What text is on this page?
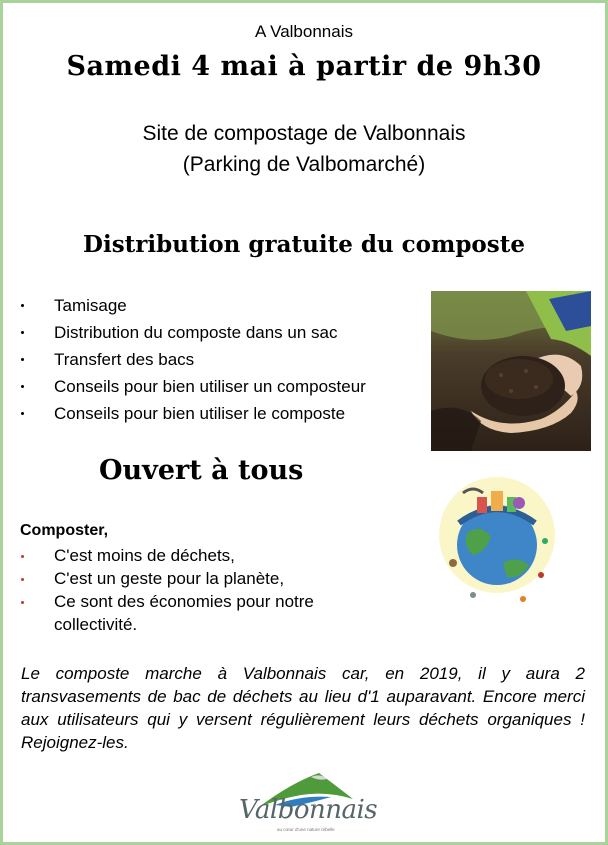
A Valbonnais
Samedi 4 mai à partir de 9h30
Site de compostage de Valbonnais
(Parking de Valbomarché)
Distribution gratuite du composte
Tamisage
Distribution du composte dans un sac
Transfert des bacs
Conseils pour bien utiliser un composteur
Conseils pour bien utiliser le composte
Ouvert à tous
Composter,
C'est moins de déchets,
C'est un geste pour la planète,
Ce sont des économies pour notre collectivité.
Le composte marche à Valbonnais car, en 2019, il y aura 2 transvasements de bac de déchets au lieu d'1 auparavant. Encore merci aux utilisateurs qui y versent régulièrement leurs déchets organiques ! Rejoignez-les.
Valbonnais
au cœur d'une nature rebelle
